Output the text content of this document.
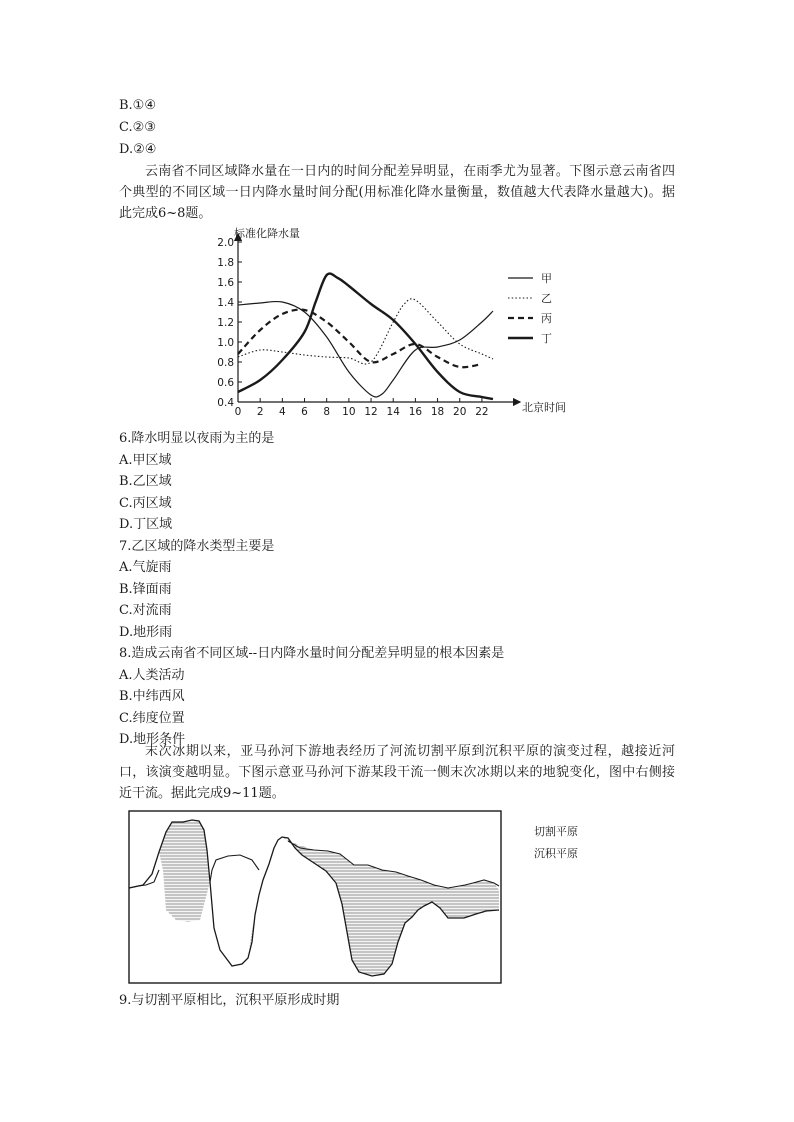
B.①④
C.②③
D.②④
云南省不同区域降水量在一日内的时间分配差异明显，在雨季尤为显著。下图示意云南省四个典型的不同区域一日内降水量时间分配(用标准化降水量衡量，数值越大代表降水量越大)。据此完成6~8题。
0.4
0.6
0.8
1.0
1.2
1.4
1.6
1.8
2.0
0 2 4 6 8 10 12 14 16 18 20 22
甲
乙
丙
丁
标准化降水量
北京时间
6.降水明显以夜雨为主的是
A.甲区域
B.乙区域
C.丙区域
D.丁区域
7.乙区域的降水类型主要是
A.气旋雨
B.锋面雨
C.对流雨
D.地形雨
8.造成云南省不同区域--日内降水量时间分配差异明显的根本因素是
A.人类活动
B.中纬西风
C.纬度位置
D.地形条件
末次冰期以来，亚马孙河下游地表经历了河流切割平原到沉积平原的演变过程，越接近河口，该演变越明显。下图示意亚马孙河下游某段干流一侧末次冰期以来的地貌变化，图中右侧接近干流。据此完成9~11题。
切割平原
沉积平原
9.与切割平原相比，沉积平原形成时期
